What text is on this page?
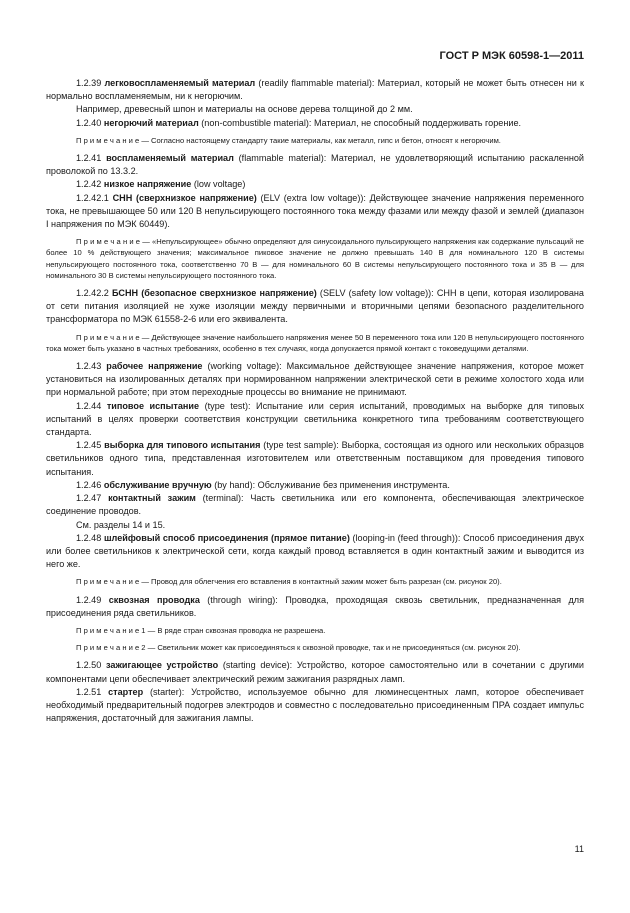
ГОСТ Р МЭК 60598-1—2011

1.2.39 легковоспламеняемый материал (readily flammable material): Материал, который не может быть отнесен ни к нормально воспламеняемым, ни к негорючим.

Например, древесный шпон и материалы на основе дерева толщиной до 2 мм.

1.2.40 негорючий материал (non-combustible material): Материал, не способный поддерживать горение.

П р и м е ч а н и е — Согласно настоящему стандарту такие материалы, как металл, гипс и бетон, относят к негорючим.

1.2.41 воспламеняемый материал (flammable material): Материал, не удовлетворяющий испытанию раскаленной проволокой по 13.3.2.

1.2.42 низкое напряжение (low voltage)

1.2.42.1 СНН (сверхнизкое напряжение) (ELV (extra low voltage)): Действующее значение напряжения переменного тока, не превышающее 50 или 120 В непульсирующего постоянного тока между фазами или между фазой и землей (диапазон I напряжения по МЭК 60449).

П р и м е ч а н и е — «Непульсирующее» обычно определяют для синусоидального пульсирующего напряжения как содержание пульсаций не более 10 % действующего значения; максимальное пиковое значение не должно превышать 140 В для номинального 120 В системы непульсирующего постоянного тока, соответственно 70 В — для номинального 60 В системы непульсирующего постоянного тока и 35 В — для номинального 30 В системы непульсирующего постоянного тока.

1.2.42.2 БСНН (безопасное сверхнизкое напряжение) (SELV (safety low voltage)): СНН в цепи, которая изолирована от сети питания изоляцией не хуже изоляции между первичными и вторичными цепями безопасного разделительного трансформатора по МЭК 61558-2-6 или его эквивалента.

П р и м е ч а н и е — Действующее значение наибольшего напряжения менее 50 В переменного тока или 120 В непульсирующего постоянного тока может быть указано в частных требованиях, особенно в тех случаях, когда допускается прямой контакт с токоведущими деталями.

1.2.43 рабочее напряжение (working voltage): Максимальное действующее значение напряжения, которое может установиться на изолированных деталях при нормированном напряжении электрической сети в режиме холостого хода или при нормальной работе; при этом переходные процессы во внимание не принимают.

1.2.44 типовое испытание (type test): Испытание или серия испытаний, проводимых на выборке для типовых испытаний в целях проверки соответствия конструкции светильника конкретного типа требованиям соответствующего стандарта.

1.2.45 выборка для типового испытания (type test sample): Выборка, состоящая из одного или нескольких образцов светильников одного типа, представленная изготовителем или ответственным поставщиком для проведения типового испытания.

1.2.46 обслуживание вручную (by hand): Обслуживание без применения инструмента.

1.2.47 контактный зажим (terminal): Часть светильника или его компонента, обеспечивающая электрическое соединение проводов.

См. разделы 14 и 15.

1.2.48 шлейфовый способ присоединения (прямое питание) (looping-in (feed through)): Способ присоединения двух или более светильников к электрической сети, когда каждый провод вставляется в один контактный зажим и выводится из него же.

П р и м е ч а н и е — Провод для облегчения его вставления в контактный зажим может быть разрезан (см. рисунок 20).

1.2.49 сквозная проводка (through wiring): Проводка, проходящая сквозь светильник, предназначенная для присоединения ряда светильников.

П р и м е ч а н и е 1 — В ряде стран сквозная проводка не разрешена.

П р и м е ч а н и е 2 — Светильник может как присоединяться к сквозной проводке, так и не присоединяться (см. рисунок 20).

1.2.50 зажигающее устройство (starting device): Устройство, которое самостоятельно или в сочетании с другими компонентами цепи обеспечивает электрический режим зажигания разрядных ламп.

1.2.51 стартер (starter): Устройство, используемое обычно для люминесцентных ламп, которое обеспечивает необходимый предварительный подогрев электродов и совместно с последовательно присоединенным ПРА создает импульс напряжения, достаточный для зажигания лампы.

11
